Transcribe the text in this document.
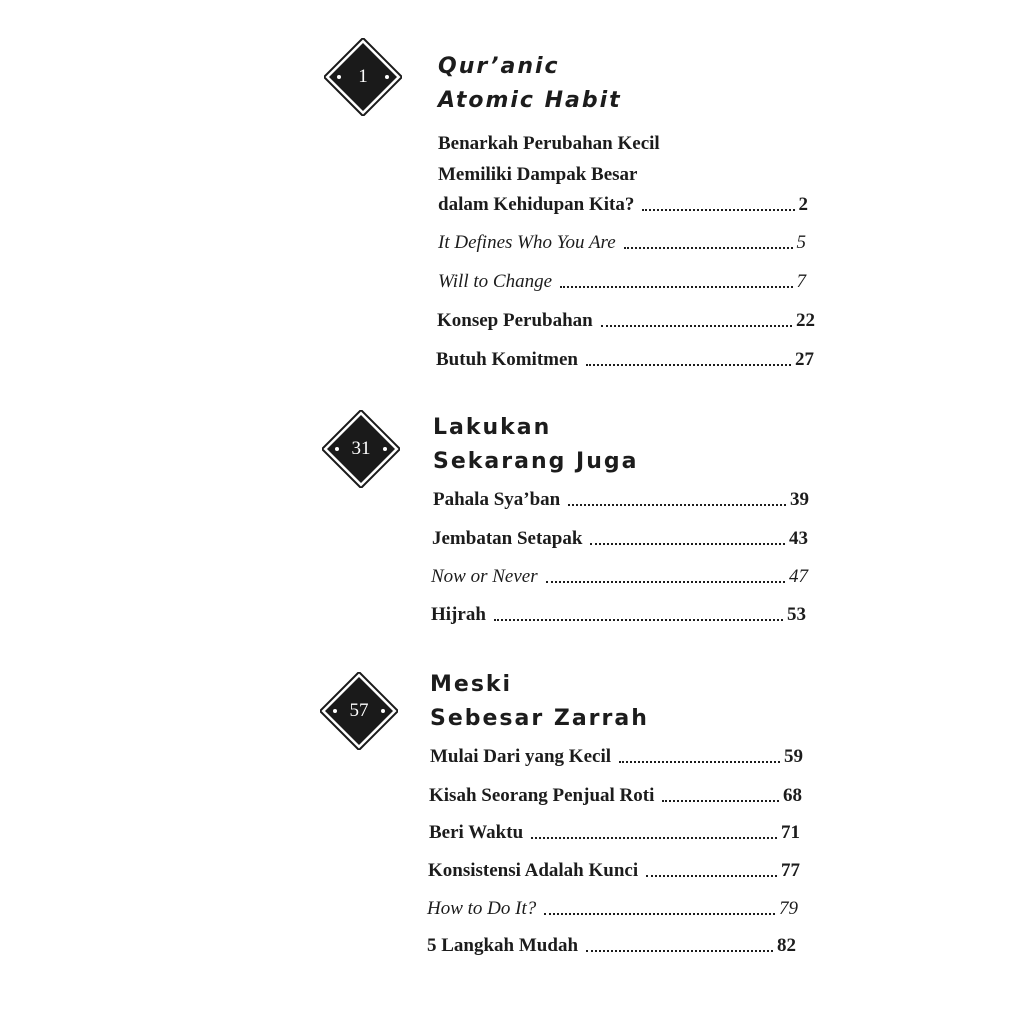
1	Qur’anic
Atomic Habit
Benarkah Perubahan Kecil
Memiliki Dampak Besar
dalam Kehidupan Kita?	2
It Defines Who You Are	5
Will to Change	7
Konsep Perubahan	22
Butuh Komitmen	27
31
Lakukan
Sekarang Juga
Pahala Sya’ban	39
Jembatan Setapak	43
Now or Never	47
Hijrah	53
57
Meski
Sebesar Zarrah
Mulai Dari yang Kecil	59
Kisah Seorang Penjual Roti	68
Beri Waktu	71
Konsistensi Adalah Kunci	77
How to Do It?	79
5 Langkah Mudah	82
